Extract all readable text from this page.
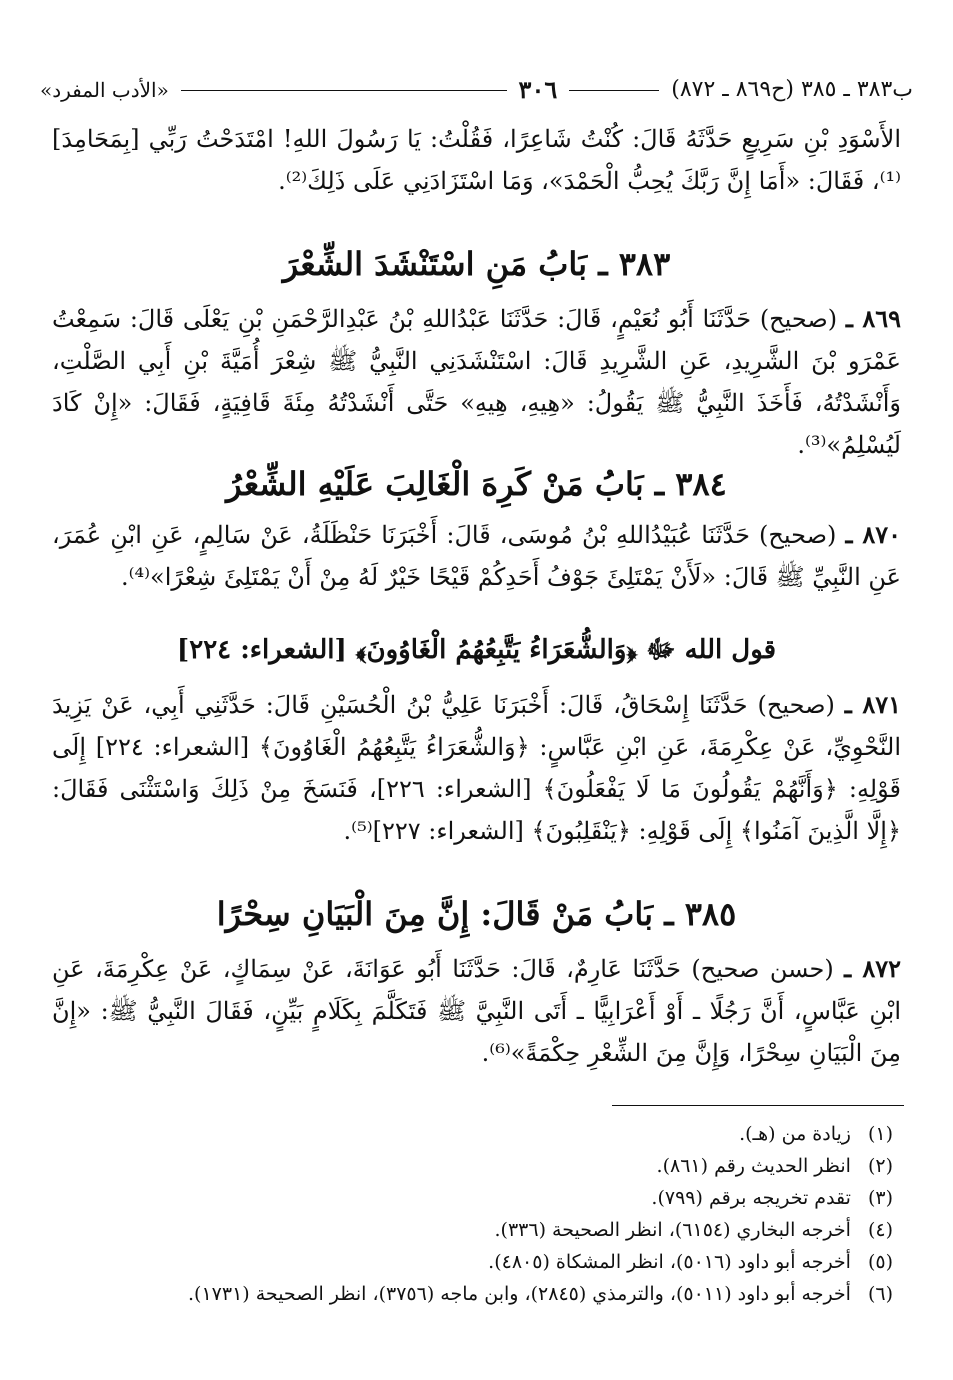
ب٣٨٣ ـ ٣٨٥ (ح٨٦٩ ـ ٨٧٢)
٣٠٦
«الأدب المفرد»
الأَسْوَدِ بْنِ سَرِيعٍ حَدَّثَهُ قَالَ: كُنْتُ شَاعِرًا، فَقُلْتُ: يَا رَسُولَ اللهِ! امْتَدَحْتُ رَبِّي [بِمَحَامِدَ]⁽¹⁾، فَقَالَ: «أَمَا إِنَّ رَبَّكَ يُحِبُّ الْحَمْدَ»، وَمَا اسْتَزَادَنِي عَلَى ذَلِكَ⁽²⁾.
٣٨٣ ـ بَابُ مَنِ اسْتَنْشَدَ الشِّعْرَ
٨٦٩ ـ (صحيح) حَدَّثَنَا أَبُو نُعَيْمٍ، قَالَ: حَدَّثَنَا عَبْدُاللهِ بْنُ عَبْدِالرَّحْمَنِ بْنِ يَعْلَى قَالَ: سَمِعْتُ عَمْرَو بْنَ الشَّرِيدِ، عَنِ الشَّرِيدِ قَالَ: اسْتَنْشَدَنِي النَّبِيُّ ﷺ شِعْرَ أُمَيَّةَ بْنِ أَبِي الصَّلْتِ، وَأَنْشَدْتُهُ، فَأَخَذَ النَّبِيُّ ﷺ يَقُولُ: «هِيهِ، هِيهِ» حَتَّى أَنْشَدْتُهُ مِئَةَ قَافِيَةٍ، فَقَالَ: «إِنْ كَادَ لَيُسْلِمُ»⁽³⁾.
٣٨٤ ـ بَابُ مَنْ كَرِهَ الْغَالِبَ عَلَيْهِ الشِّعْرُ
٨٧٠ ـ (صحيح) حَدَّثَنَا عُبَيْدُاللهِ بْنُ مُوسَى، قَالَ: أَخْبَرَنَا حَنْظَلَةُ، عَنْ سَالِمٍ، عَنِ ابْنِ عُمَرَ، عَنِ النَّبِيِّ ﷺ قَالَ: «لَأَنْ يَمْتَلِئَ جَوْفُ أَحَدِكُمْ قَيْحًا خَيْرٌ لَهُ مِنْ أَنْ يَمْتَلِئَ شِعْرًا»⁽⁴⁾.
قول الله ﷻ ﴿وَالشُّعَرَاءُ يَتَّبِعُهُمُ الْغَاوُونَ﴾ [الشعراء: ٢٢٤]
٨٧١ ـ (صحيح) حَدَّثَنَا إِسْحَاقُ، قَالَ: أَخْبَرَنَا عَلِيُّ بْنُ الْحُسَيْنِ قَالَ: حَدَّثَنِي أَبِي، عَنْ يَزِيدَ النَّحْوِيِّ، عَنْ عِكْرِمَةَ، عَنِ ابْنِ عَبَّاسٍ: ﴿وَالشُّعَرَاءُ يَتَّبِعُهُمُ الْغَاوُونَ﴾ [الشعراء: ٢٢٤] إِلَى قَوْلِهِ: ﴿وَأَنَّهُمْ يَقُولُونَ مَا لَا يَفْعَلُونَ﴾ [الشعراء: ٢٢٦]، فَنَسَخَ مِنْ ذَلِكَ وَاسْتَثْنَى فَقَالَ: ﴿إِلَّا الَّذِينَ آمَنُوا﴾ إِلَى قَوْلِهِ: ﴿يَنْقَلِبُونَ﴾ [الشعراء: ٢٢٧]⁽⁵⁾.
٣٨٥ ـ بَابُ مَنْ قَالَ: إِنَّ مِنَ الْبَيَانِ سِحْرًا
٨٧٢ ـ (حسن صحيح) حَدَّثَنَا عَارِمٌ، قَالَ: حَدَّثَنَا أَبُو عَوَانَةَ، عَنْ سِمَاكٍ، عَنْ عِكْرِمَةَ، عَنِ ابْنِ عَبَّاسٍ، أَنَّ رَجُلًا ـ أَوْ أَعْرَابِيًّا ـ أَتَى النَّبِيَّ ﷺ فَتَكَلَّمَ بِكَلَامٍ بَيِّنٍ، فَقَالَ النَّبِيُّ ﷺ: «إِنَّ مِنَ الْبَيَانِ سِحْرًا، وَإِنَّ مِنَ الشِّعْرِ حِكْمَةً»⁽⁶⁾.
(١) زيادة من (هـ).
(٢) انظر الحديث رقم (٨٦١).
(٣) تقدم تخريجه برقم (٧٩٩).
(٤) أخرجه البخاري (٦١٥٤)، انظر الصحيحة (٣٣٦).
(٥) أخرجه أبو داود (٥٠١٦)، انظر المشكاة (٤٨٠٥).
(٦) أخرجه أبو داود (٥٠١١)، والترمذي (٢٨٤٥)، وابن ماجه (٣٧٥٦)، انظر الصحيحة (١٧٣١).
